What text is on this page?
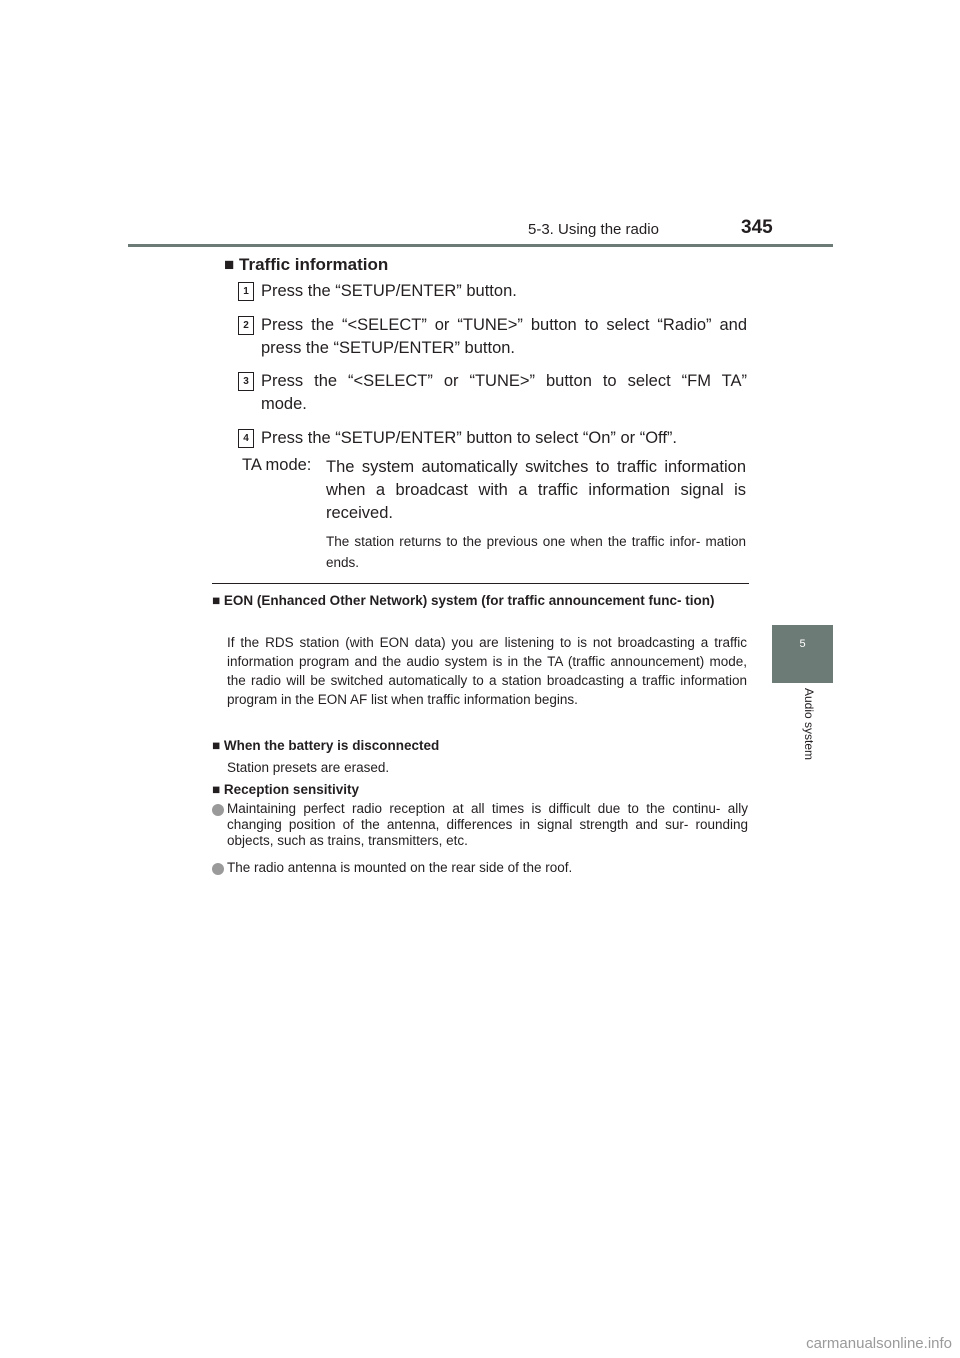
5-3. Using the radio	345
5
Audio system
■ Traffic information
1 Press the “SETUP/ENTER” button.
2 Press the “<SELECT” or “TUNE>” button to select “Radio” and
press the “SETUP/ENTER” button.
3 Press the “<SELECT” or “TUNE>” button to select “FM TA”
mode.
4 Press the “SETUP/ENTER” button to select “On” or “Off”.
TA mode: The system automatically switches to traffic information when a broadcast with a traffic information signal is received.
The station returns to the previous one when the traffic infor- mation ends.
■ EON (Enhanced Other Network) system (for traffic announcement func- tion)
If the RDS station (with EON data) you are listening to is not broadcasting a traffic information program and the audio system is in the TA (traffic announcement) mode, the radio will be switched automatically to a station broadcasting a traffic information program in the EON AF list when traffic information begins.
■ When the battery is disconnected
Station presets are erased.
■ Reception sensitivity
Maintaining perfect radio reception at all times is difficult due to the continu- ally changing position of the antenna, differences in signal strength and sur- rounding objects, such as trains, transmitters, etc.
The radio antenna is mounted on the rear side of the roof.
carmanualsonline.info
